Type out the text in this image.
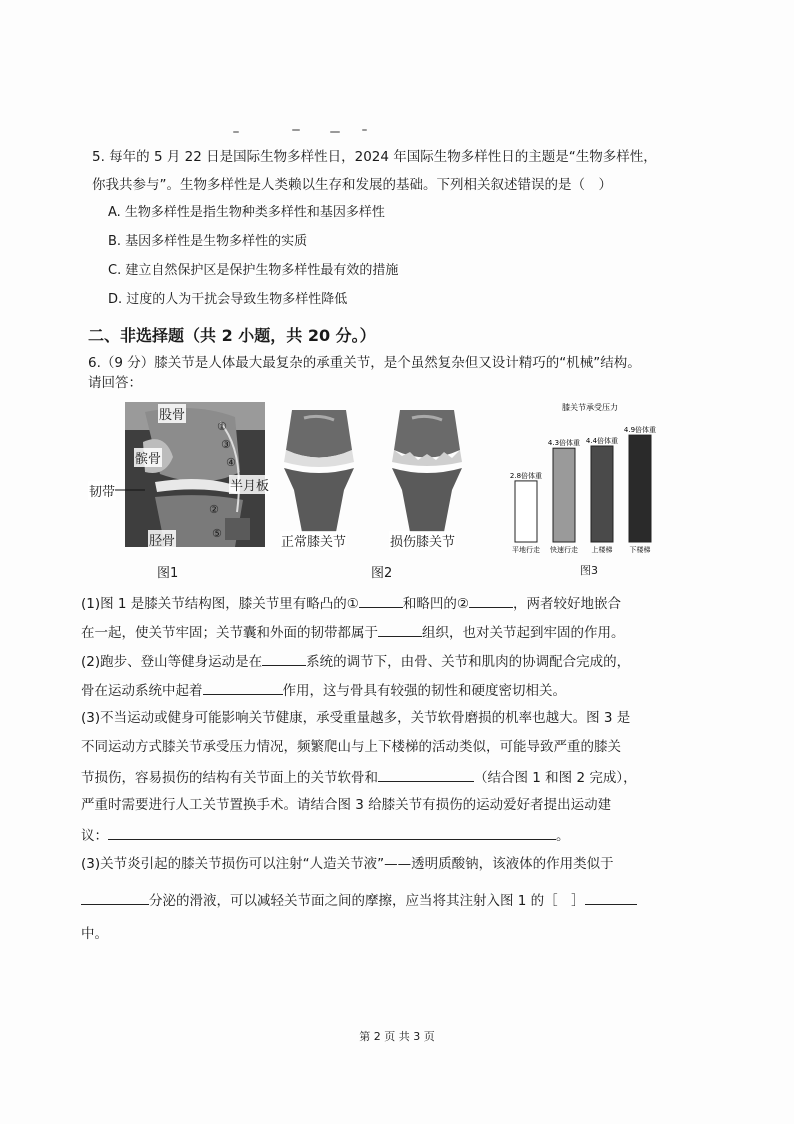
5. 每年的 5 月 22 日是国际生物多样性日，2024 年国际生物多样性日的主题是“生物多样性，
你我共参与”。生物多样性是人类赖以生存和发展的基础。下列相关叙述错误的是（　）
A. 生物多样性是指生物种类多样性和基因多样性
B. 基因多样性是生物多样性的实质
C. 建立自然保护区是保护生物多样性最有效的措施
D. 过度的人为干扰会导致生物多样性降低
二、非选择题（共 2 小题，共 20 分。）
6.（9 分）膝关节是人体最大最复杂的承重关节，是个虽然复杂但又设计精巧的“机械”结构。
请回答：
股骨
髌骨
韧带	半月板
胫骨
①
③
④
②
⑤
图1
正常膝关节	损伤膝关节
图2
膝关节承受压力
2.8倍体重
平地行走
4.3倍体重
快速行走
4.4倍体重
上楼梯
4.9倍体重
下楼梯
图3
(1)图 1 是膝关节结构图，膝关节里有略凸的①	和略凹的②	，两者较好地嵌合
在一起，使关节牢固；关节囊和外面的韧带都属于	组织，也对关节起到牢固的作用。
(2)跑步、登山等健身运动是在	系统的调节下，由骨、关节和肌肉的协调配合完成的，
骨在运动系统中起着	作用，这与骨具有较强的韧性和硬度密切相关。
(3)不当运动或健身可能影响关节健康，承受重量越多，关节软骨磨损的机率也越大。图 3 是
不同运动方式膝关节承受压力情况，频繁爬山与上下楼梯的活动类似，可能导致严重的膝关
节损伤，容易损伤的结构有关节面上的关节软骨和	（结合图 1 和图 2 完成），
严重时需要进行人工关节置换手术。请结合图 3 给膝关节有损伤的运动爱好者提出运动建
议：	。
(3)关节炎引起的膝关节损伤可以注射“人造关节液”——透明质酸钠，该液体的作用类似于
分泌的滑液，可以减轻关节面之间的摩擦，应当将其注射入图 1 的［　］
中。
第 2 页 共 3 页
